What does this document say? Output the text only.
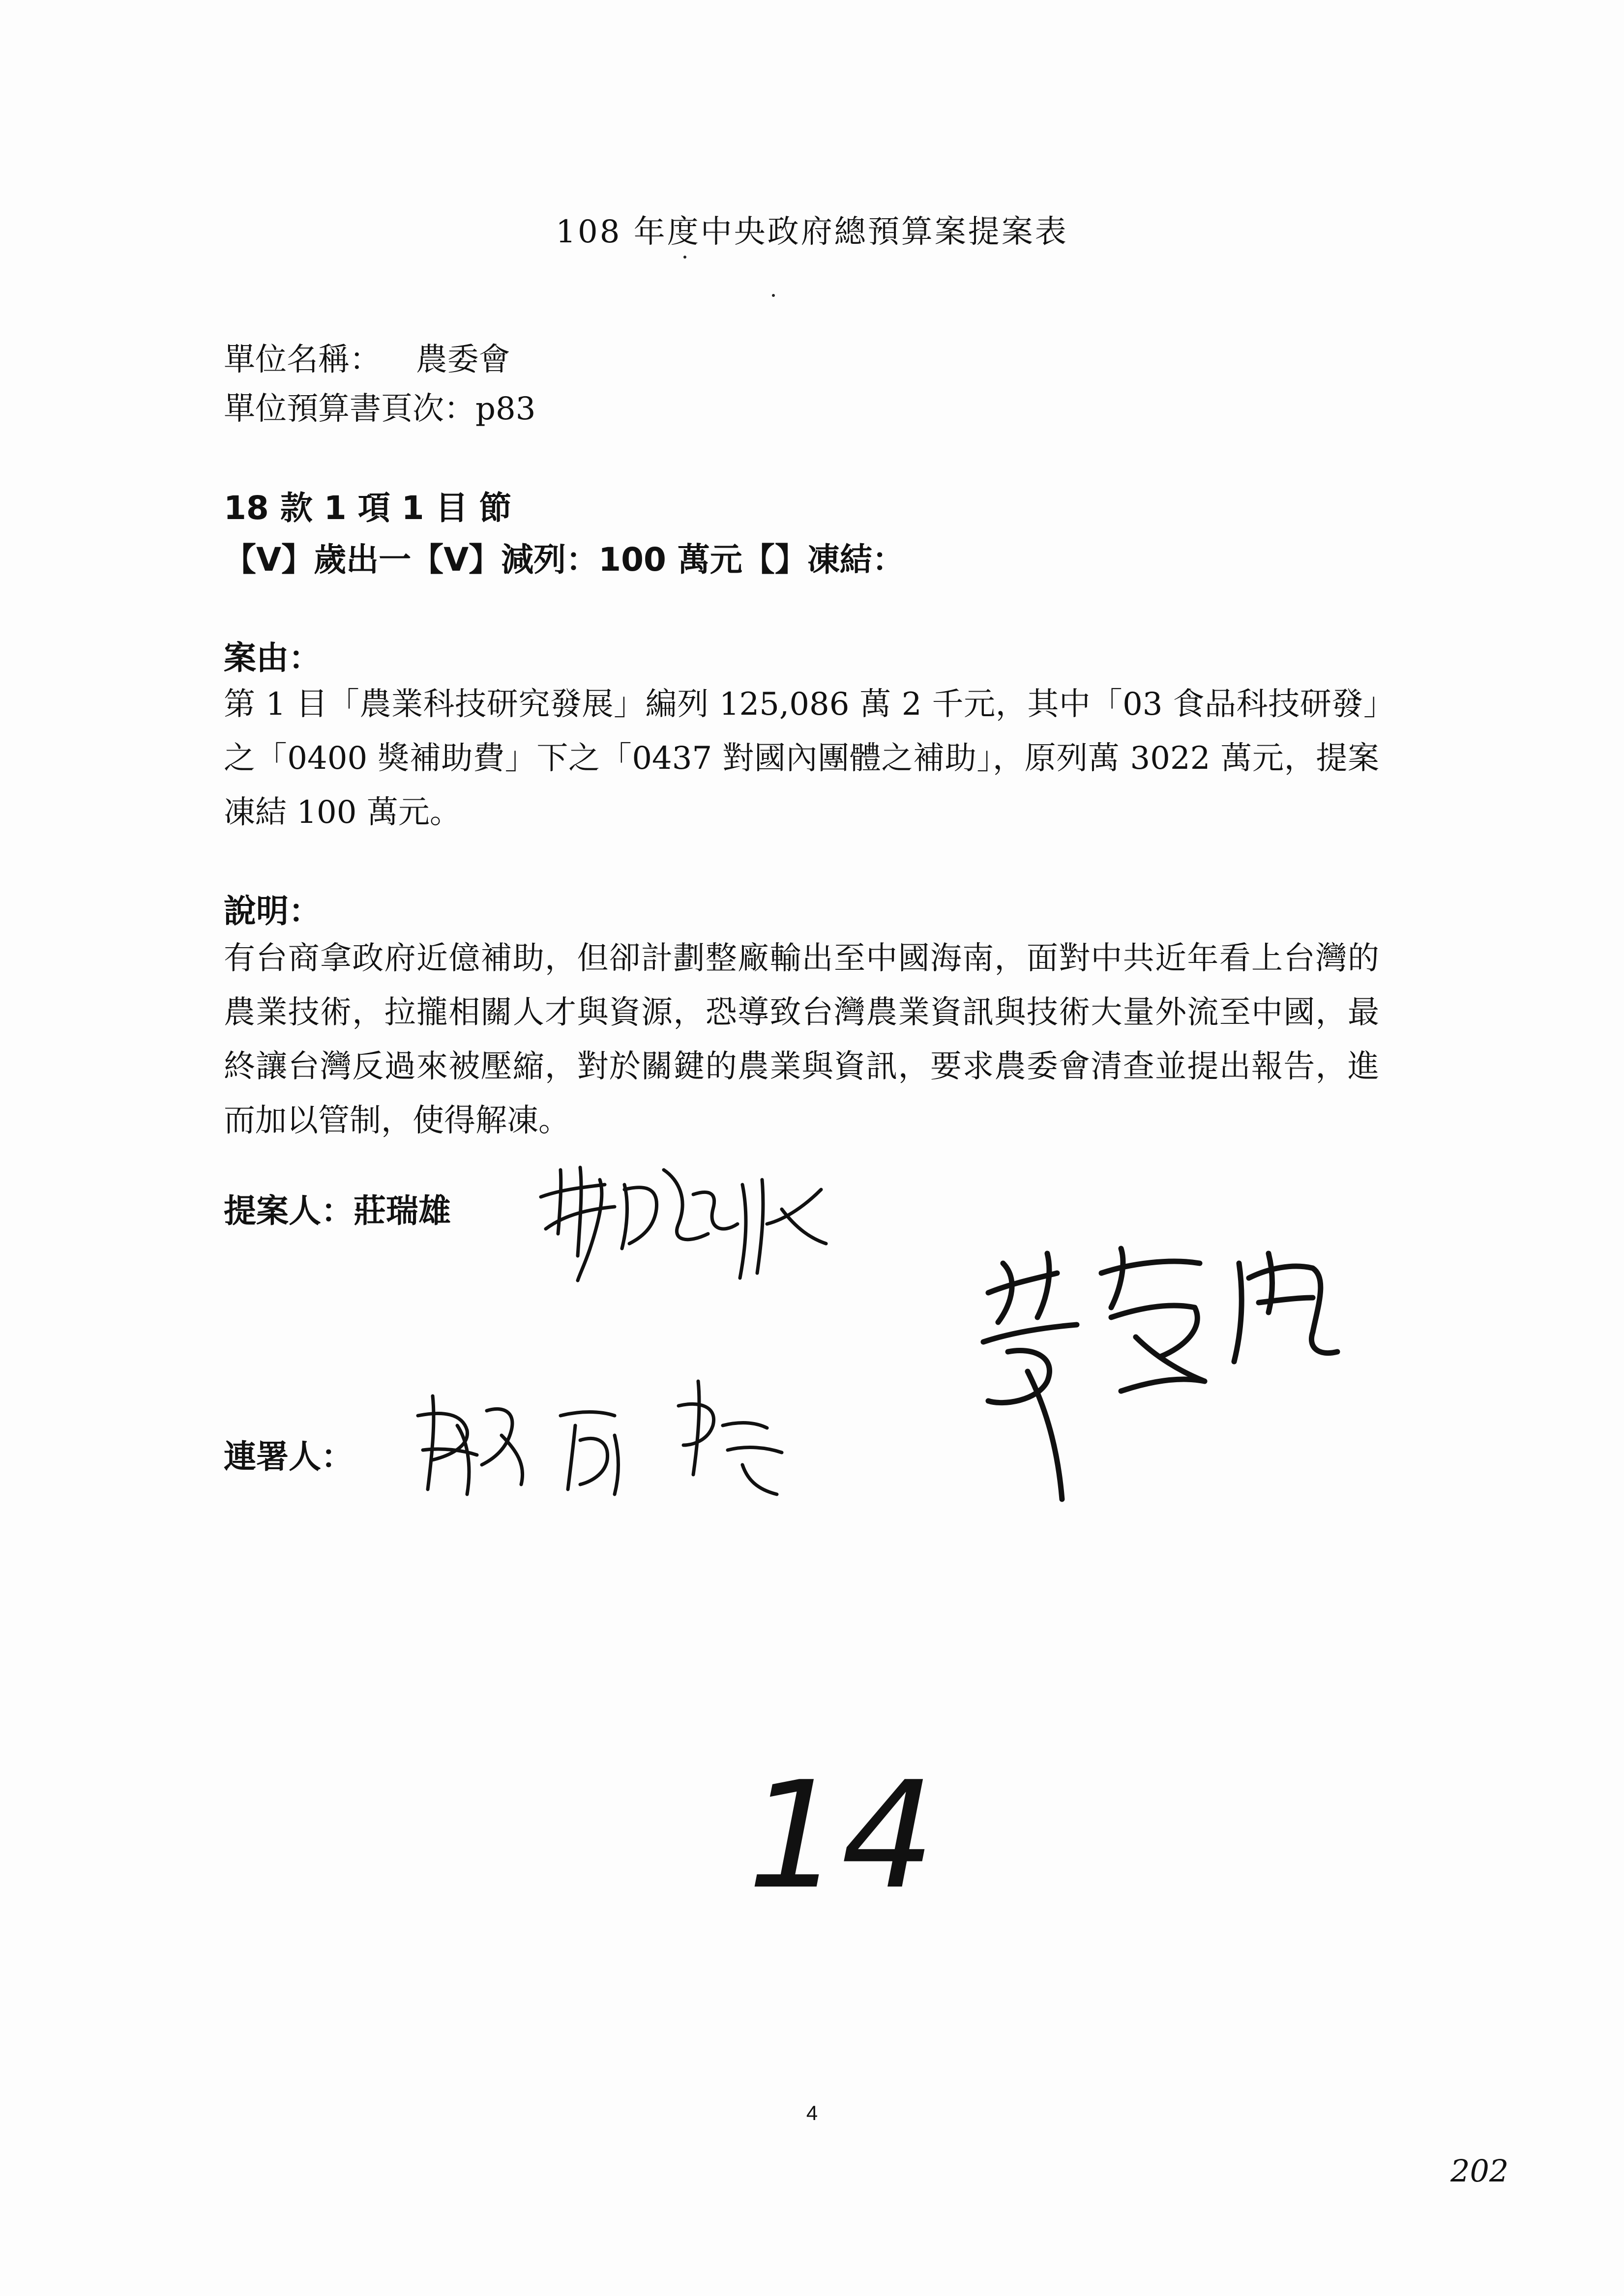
108 年度中央政府總預算案提案表
單位名稱： 農委會
單位預算書頁次：p83
18 款 1 項 1 目 節
【V】歲出一【V】減列：100 萬元【】凍結：
案由：
第 1 目「農業科技研究發展」編列 125,086 萬 2 千元，其中「03 食品科技研發」之「0400 獎補助費」下之「0437 對國內團體之補助」，原列萬 3022 萬元，提案凍結 100 萬元。
說明：
有台商拿政府近億補助，但卻計劃整廠輸出至中國海南，面對中共近年看上台灣的農業技術，拉攏相關人才與資源，恐導致台灣農業資訊與技術大量外流至中國，最終讓台灣反過來被壓縮，對於關鍵的農業與資訊，要求農委會清查並提出報告，進而加以管制，使得解凍。
提案人：莊瑞雄
連署人：
14
4
202
